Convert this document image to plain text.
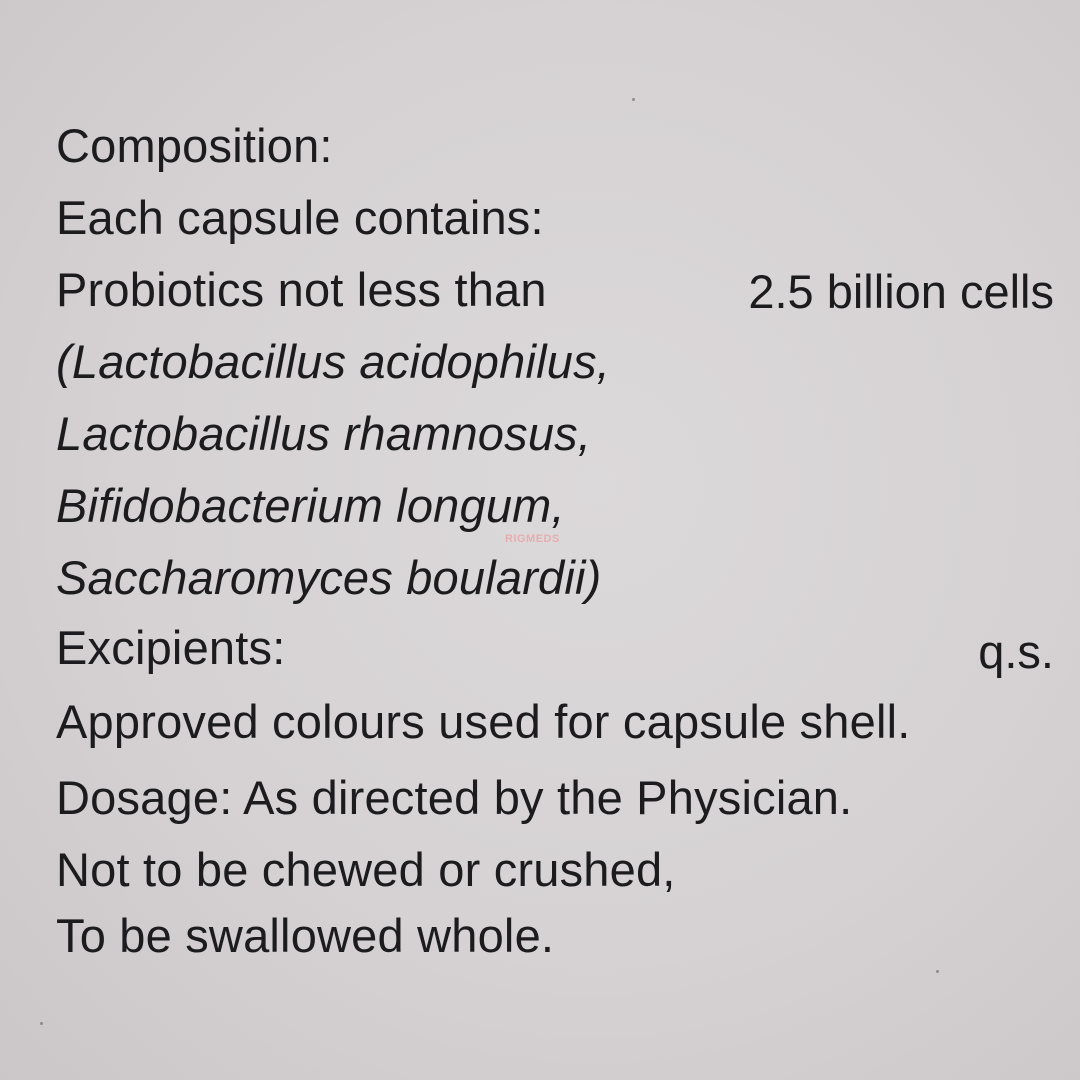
Composition:
Each capsule contains:
Probiotics not less than	2.5 billion cells
(Lactobacillus acidophilus,
Lactobacillus rhamnosus,
Bifidobacterium longum,
Saccharomyces boulardii)
Excipients:	q.s.
Approved colours used for capsule shell.
Dosage: As directed by the Physician.
Not to be chewed or crushed,
To be swallowed whole.
RIGMEDS
